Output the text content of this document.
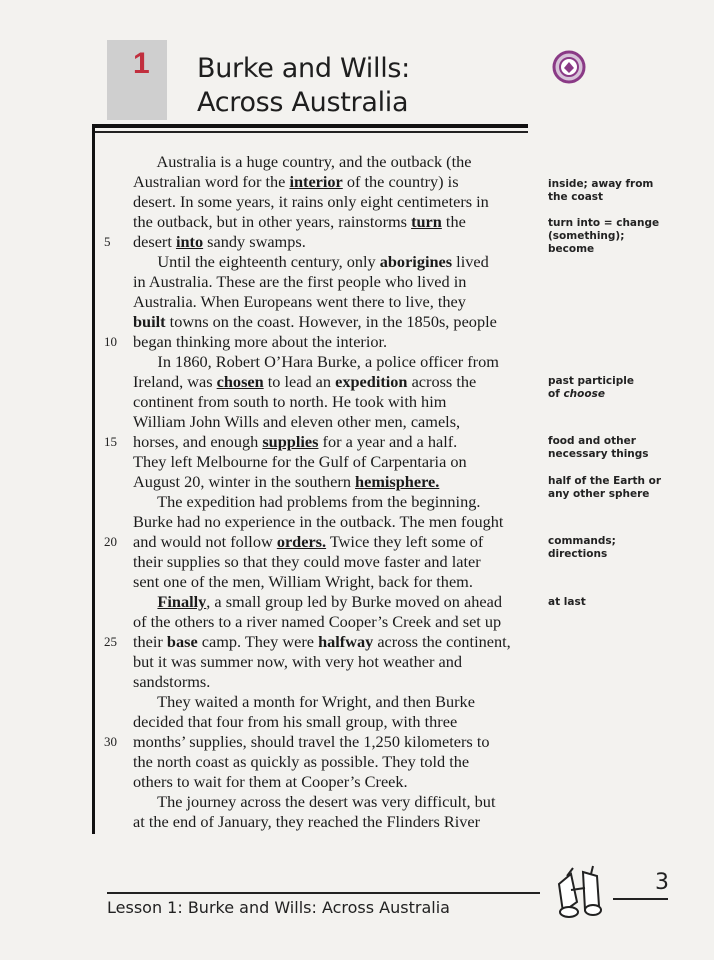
1 Burke and Wills:
Across Australia
Australia is a huge country, and the outback (the
Australian word for the interior of the country) is
desert. In some years, it rains only eight centimeters in
the outback, but in other years, rainstorms turn the
5 desert into sandy swamps.
Until the eighteenth century, only aborigines lived
in Australia. These are the first people who lived in
Australia. When Europeans went there to live, they
built towns on the coast. However, in the 1850s, people
10 began thinking more about the interior.
In 1860, Robert O’Hara Burke, a police officer from
Ireland, was chosen to lead an expedition across the
continent from south to north. He took with him
William John Wills and eleven other men, camels,
15 horses, and enough supplies for a year and a half.
They left Melbourne for the Gulf of Carpentaria on
August 20, winter in the southern hemisphere.
The expedition had problems from the beginning.
Burke had no experience in the outback. The men fought
20 and would not follow orders. Twice they left some of
their supplies so that they could move faster and later
sent one of the men, William Wright, back for them.
Finally, a small group led by Burke moved on ahead
of the others to a river named Cooper’s Creek and set up
25 their base camp. They were halfway across the continent,
but it was summer now, with very hot weather and
sandstorms.
They waited a month for Wright, and then Burke
decided that four from his small group, with three
30 months’ supplies, should travel the 1,250 kilometers to
the north coast as quickly as possible. They told the
others to wait for them at Cooper’s Creek.
The journey across the desert was very difficult, but
at the end of January, they reached the Flinders River
inside; away from
the coast
turn into = change
(something);
become
past participle
of choose
food and other
necessary things
half of the Earth or
any other sphere
commands;
directions
at last
Lesson 1: Burke and Wills: Across Australia
3
